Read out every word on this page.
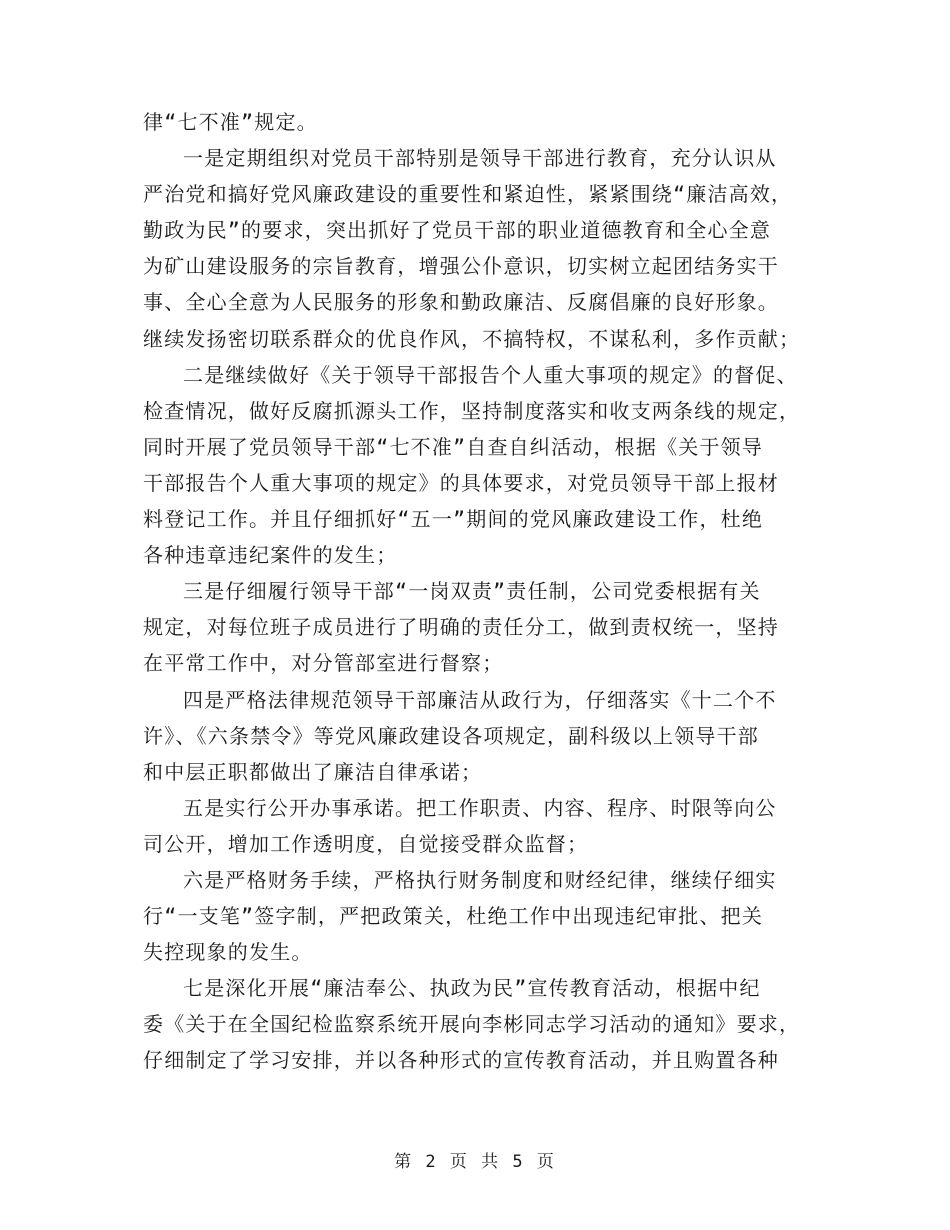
律“七不准”规定。
一是定期组织对党员干部特别是领导干部进行教育，充分认识从
严治党和搞好党风廉政建设的重要性和紧迫性，紧紧围绕“廉洁高效，
勤政为民”的要求，突出抓好了党员干部的职业道德教育和全心全意
为矿山建设服务的宗旨教育，增强公仆意识，切实树立起团结务实干
事、全心全意为人民服务的形象和勤政廉洁、反腐倡廉的良好形象。
继续发扬密切联系群众的优良作风，不搞特权，不谋私利，多作贡献；
二是继续做好《关于领导干部报告个人重大事项的规定》的督促、
检查情况，做好反腐抓源头工作，坚持制度落实和收支两条线的规定，
同时开展了党员领导干部“七不准”自查自纠活动，根据《关于领导
干部报告个人重大事项的规定》的具体要求，对党员领导干部上报材
料登记工作。并且仔细抓好“五一”期间的党风廉政建设工作，杜绝
各种违章违纪案件的发生；
三是仔细履行领导干部“一岗双责”责任制，公司党委根据有关
规定，对每位班子成员进行了明确的责任分工，做到责权统一，坚持
在平常工作中，对分管部室进行督察；
四是严格法律规范领导干部廉洁从政行为，仔细落实《十二个不
许》、《六条禁令》等党风廉政建设各项规定，副科级以上领导干部
和中层正职都做出了廉洁自律承诺；
五是实行公开办事承诺。把工作职责、内容、程序、时限等向公
司公开，增加工作透明度，自觉接受群众监督；
六是严格财务手续，严格执行财务制度和财经纪律，继续仔细实
行“一支笔”签字制，严把政策关，杜绝工作中出现违纪审批、把关
失控现象的发生。
七是深化开展“廉洁奉公、执政为民”宣传教育活动，根据中纪
委《关于在全国纪检监察系统开展向李彬同志学习活动的通知》要求，
仔细制定了学习安排，并以各种形式的宣传教育活动，并且购置各种
第 2 页 共 5 页
